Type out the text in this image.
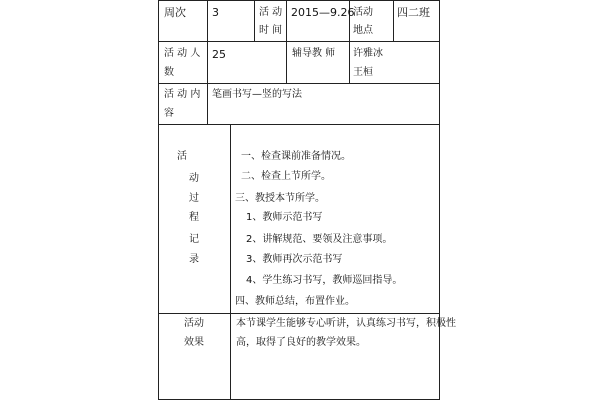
周次 3	活 动
时 间
2015—9.26
活动
地点
四二班
活 动 人
数
25	辅导教 师 许雅冰
王桓
活 动 内
容
笔画书写—竖的写法
活
动
过
程
记
录
一、检查课前准备情况。
二、检查上节所学。
三、教授本节所学。
1、教师示范书写
2、讲解规范、要领及注意事项。
3、教师再次示范书写
4、学生练习书写，教师巡回指导。
四、教师总结，布置作业。
活动
效果
本节课学生能够专心听讲，认真练习书写，积极性
高，取得了良好的教学效果。
